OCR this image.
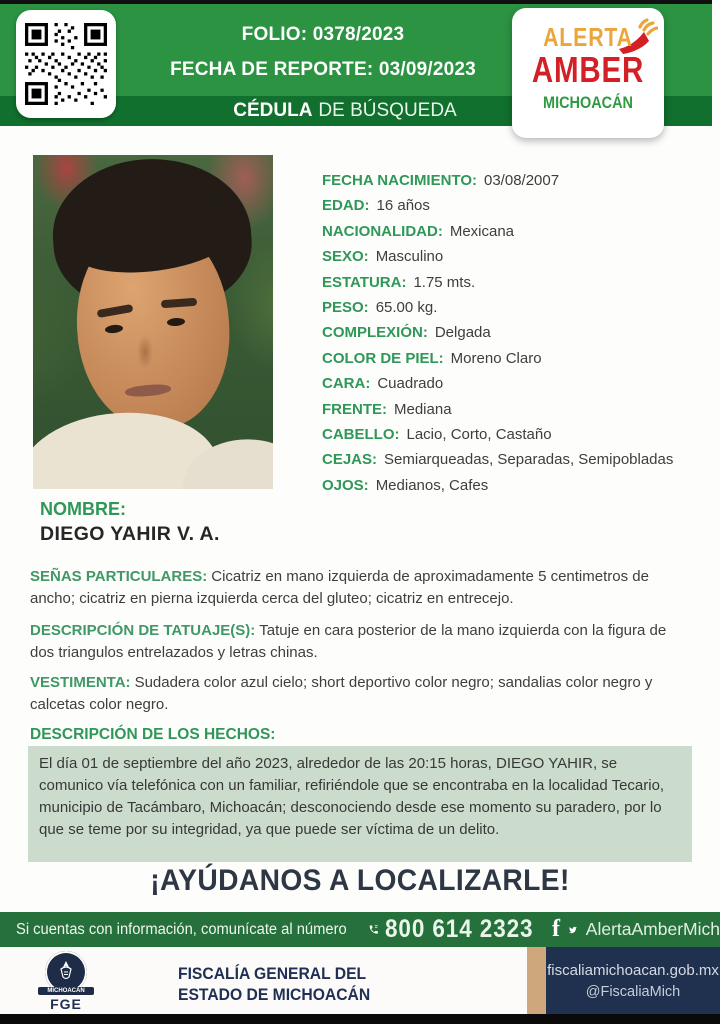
FOLIO: 0378/2023
FECHA DE REPORTE: 03/09/2023
CÉDULA DE BÚSQUEDA
ALERTA
AMBER
MICHOACÁN
FECHA NACIMIENTO: 03/08/2007
EDAD: 16 años
NACIONALIDAD: Mexicana
SEXO: Masculino
ESTATURA: 1.75 mts.
PESO: 65.00 kg.
COMPLEXIÓN: Delgada
COLOR DE PIEL: Moreno Claro
CARA: Cuadrado
FRENTE: Mediana
CABELLO: Lacio, Corto, Castaño
CEJAS: Semiarqueadas, Separadas, Semipobladas
OJOS: Medianos, Cafes
NOMBRE:
DIEGO YAHIR V. A.

SEÑAS PARTICULARES: Cicatriz en mano izquierda de aproximadamente 5 centimetros de ancho; cicatriz en pierna izquierda cerca del gluteo; cicatriz en entrecejo.

DESCRIPCIÓN DE TATUAJE(S): Tatuje en cara posterior de la mano izquierda con la figura de dos triangulos entrelazados y letras chinas.

VESTIMENTA: Sudadera color azul cielo; short deportivo color negro; sandalias color negro y calcetas color negro.

DESCRIPCIÓN DE LOS HECHOS:
El día 01 de septiembre del año 2023, alrededor de las 20:15 horas, DIEGO YAHIR, se comunico vía telefónica con un familiar, refiriéndole que se encontraba en la localidad Tecario, municipio de Tacámbaro, Michoacán; desconociendo desde ese momento su paradero, por lo que se teme por su integridad, ya que puede ser víctima de un delito.
¡AYÚDANOS A LOCALIZARLE!
Si cuentas con información, comunícate al número 800 614 2323 f AlertaAmberMich
MICHOACÁN
FGE
FISCALÍA GENERAL DEL
ESTADO DE MICHOACÁN
fiscaliamichoacan.gob.mx
@FiscaliaMich
